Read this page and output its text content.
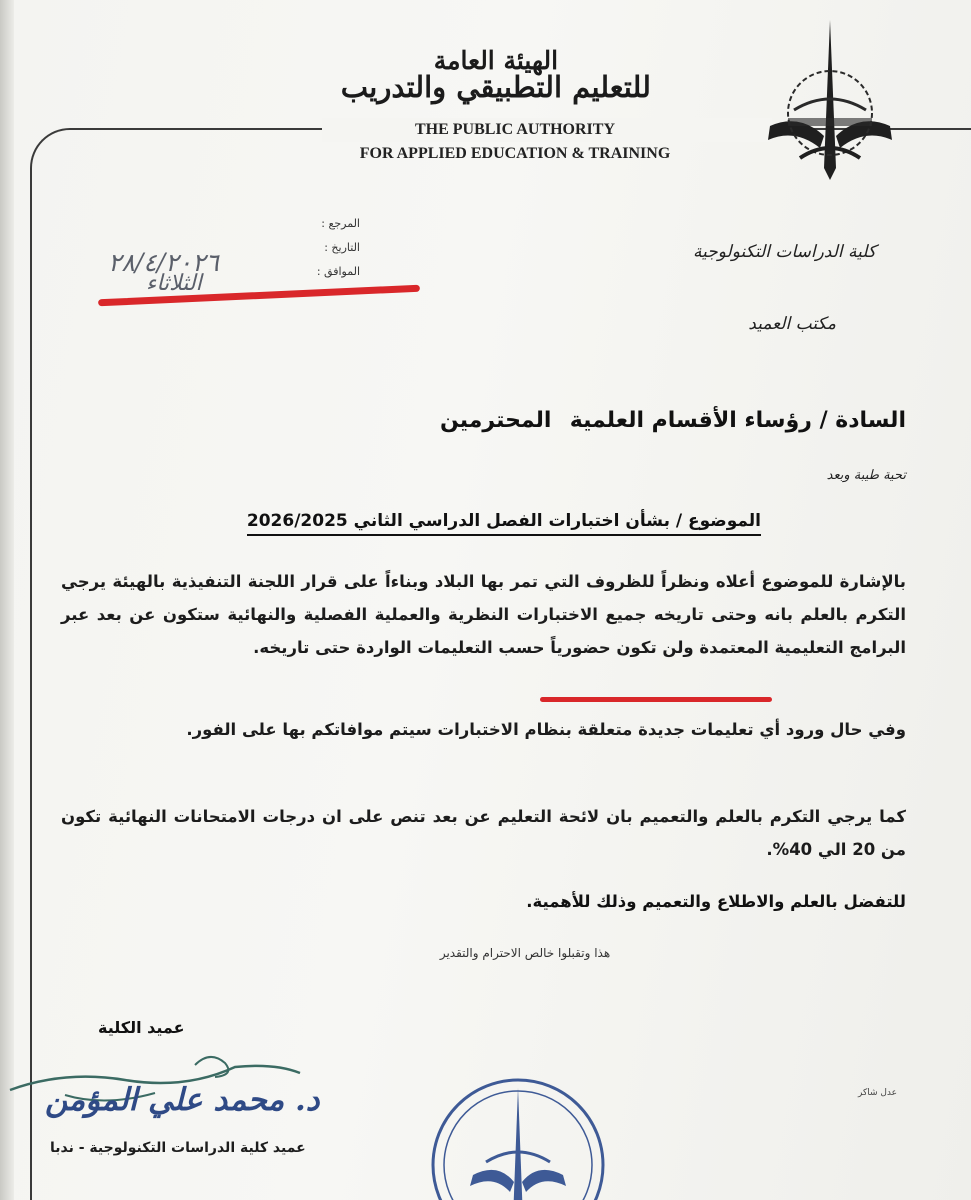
الهيئة العامة
للتعليم التطبيقي والتدريب
THE PUBLIC AUTHORITY
FOR APPLIED EDUCATION & TRAINING
المرجع :
التاريخ :
الموافق :
٢٨/٤/٢٠٢٦
الثلاثاء
كلية الدراسات التكنولوجية
مكتب العميد
السادة / رؤساء الأقسام العلمية
المحترمين
تحية طيبة وبعد
الموضوع / بشأن اختبارات الفصل الدراسي الثاني 2026/2025
بالإشارة للموضوع أعلاه ونظراً للظروف التي تمر بها البلاد وبناءاً على قرار اللجنة التنفيذية بالهيئة يرجي التكرم بالعلم بانه وحتى تاريخه جميع الاختبارات النظرية والعملية الفصلية والنهائية ستكون عن بعد عبر البرامج التعليمية المعتمدة ولن تكون حضورياً حسب التعليمات الواردة حتى تاريخه.
وفي حال ورود أي تعليمات جديدة متعلقة بنظام الاختبارات سيتم موافاتكم بها على الفور.
كما يرجي التكرم بالعلم والتعميم بان لائحة التعليم عن بعد تنص على ان درجات الامتحانات النهائية تكون من 20 الي 40%.
للتفضل بالعلم والاطلاع والتعميم وذلك للأهمية.
هذا وتقبلوا خالص الاحترام والتقدير
عميد الكلية
د. محمد علي المؤمن
عميد كلية الدراسات التكنولوجية - ندبا
عدل شاكر
